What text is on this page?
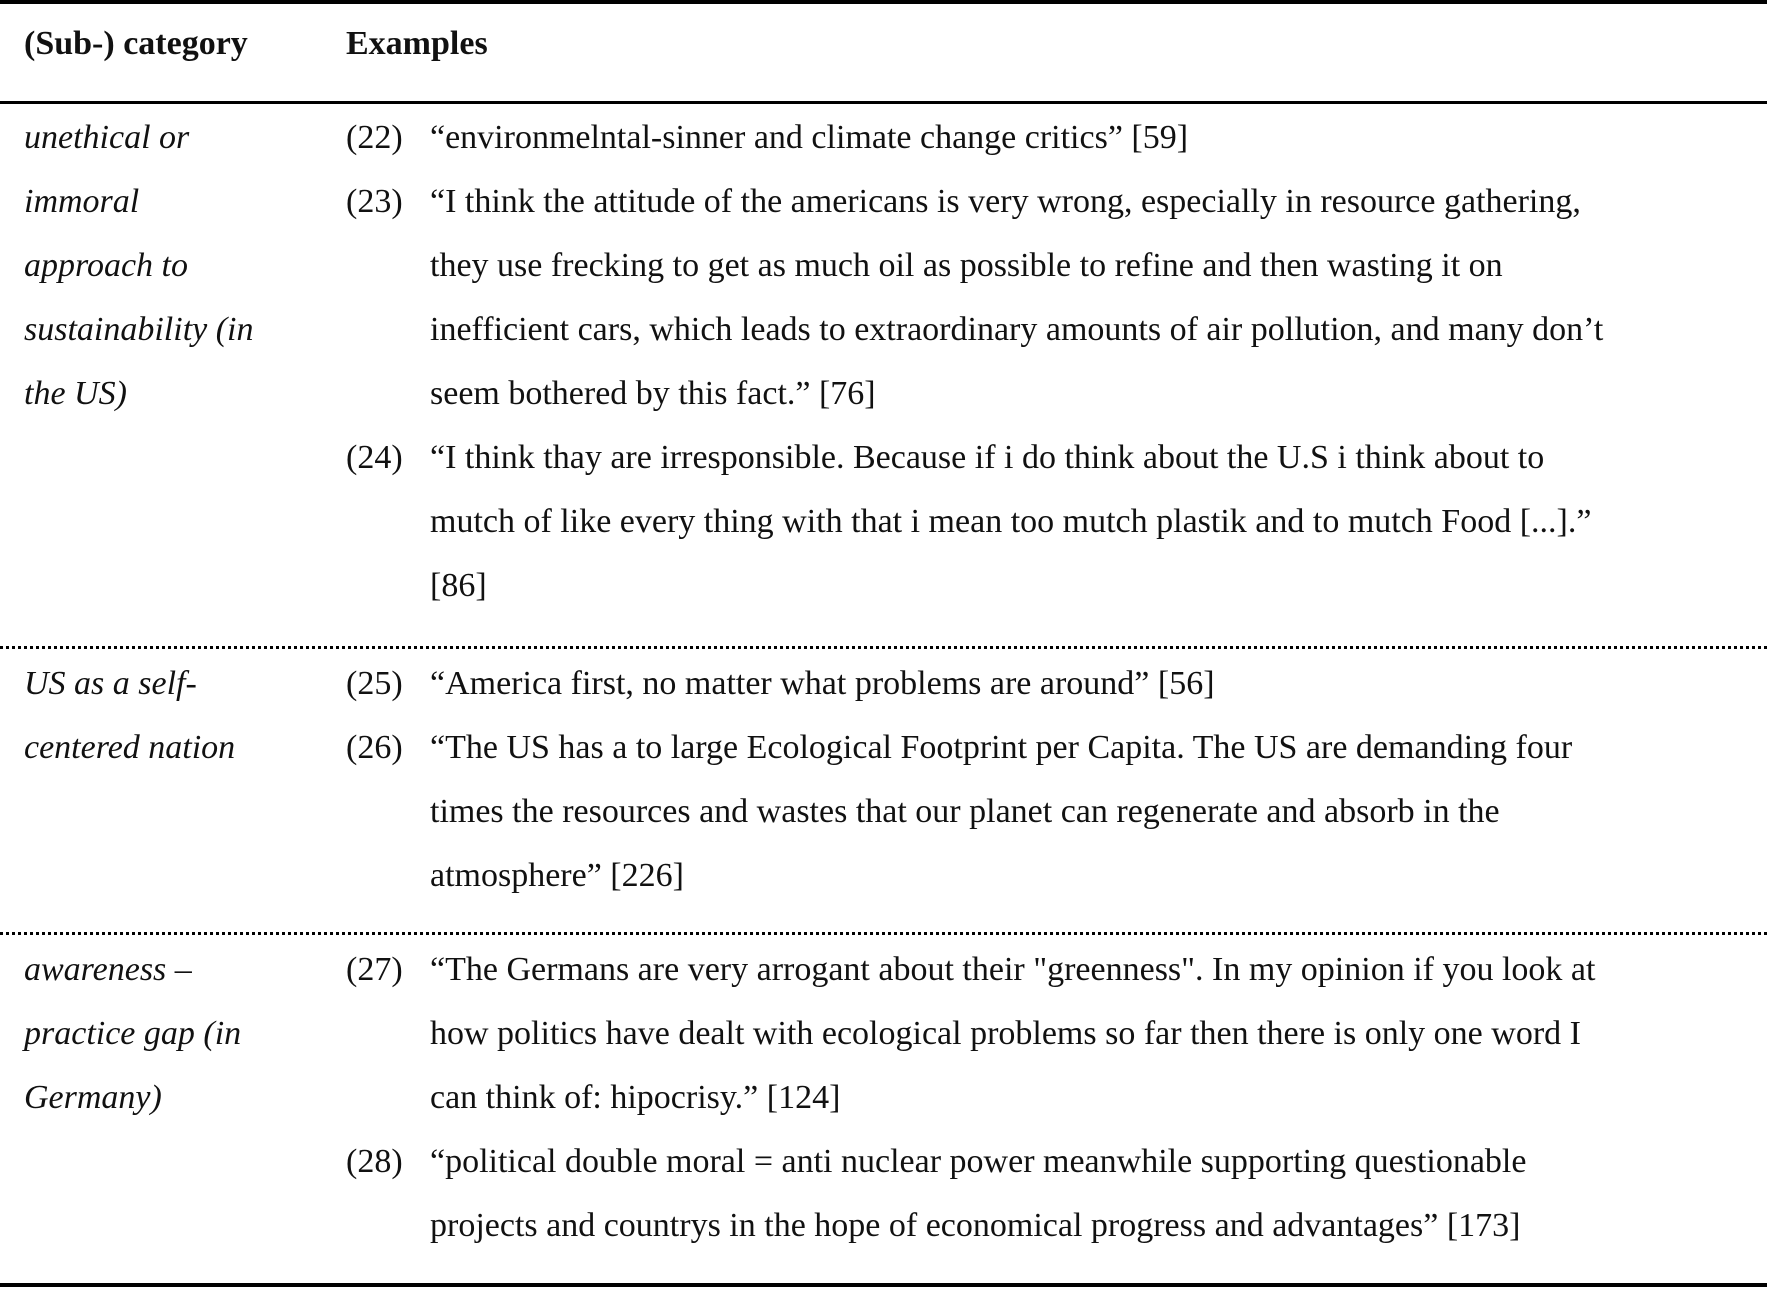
(Sub-) category	Examples
unethical or
immoral
approach to
sustainability (in
the US)
(22) “environmelntal-sinner and climate change critics” [59]
(23) “I think the attitude of the americans is very wrong, especially in resource gathering,
they use frecking to get as much oil as possible to refine and then wasting it on
inefficient cars, which leads to extraordinary amounts of air pollution, and many don’t
seem bothered by this fact.” [76]
(24) “I think thay are irresponsible. Because if i do think about the U.S i think about to
mutch of like every thing with that i mean too mutch plastik and to mutch Food [...].”
[86]
US as a self-
centered nation
(25) “America first, no matter what problems are around” [56]
(26) “The US has a to large Ecological Footprint per Capita. The US are demanding four
times the resources and wastes that our planet can regenerate and absorb in the
atmosphere” [226]
awareness –
practice gap (in
Germany)
(27) “The Germans are very arrogant about their "greenness". In my opinion if you look at
how politics have dealt with ecological problems so far then there is only one word I
can think of: hipocrisy.” [124]
(28) “political double moral = anti nuclear power meanwhile supporting questionable
projects and countrys in the hope of economical progress and advantages” [173]
